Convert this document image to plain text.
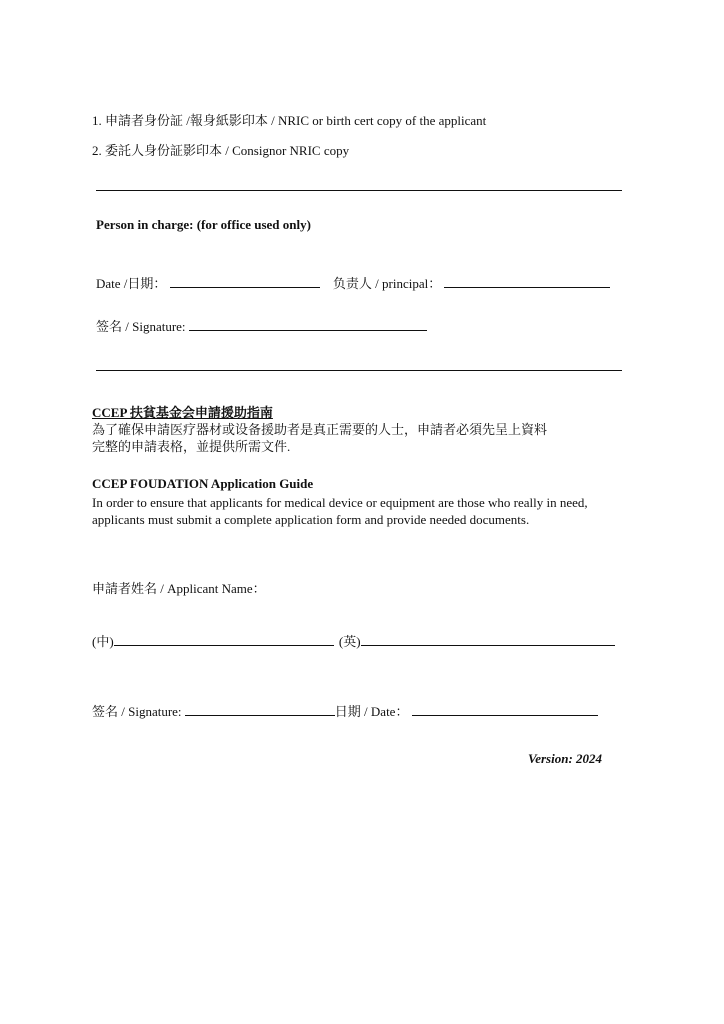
1. 申請者身份証 /報身紙影印本 / NRIC or birth cert copy of the applicant
2. 委託人身份証影印本 / Consignor NRIC copy
Person in charge: (for office used only)
Date /日期：	负责人 / principal：
签名 / Signature:
CCEP 扶貧基金会申請援助指南
為了確保申請医疗器材或设备援助者是真正需要的人士，申請者必須先呈上資料
完整的申請表格，並提供所需文件.
CCEP FOUDATION Application Guide
In order to ensure that applicants for medical device or equipment are those who really in need,
applicants must submit a complete application form and provide needed documents.
申請者姓名 / Applicant Name：
(中)	(英)
签名 / Signature:	日期 / Date：
Version: 2024
